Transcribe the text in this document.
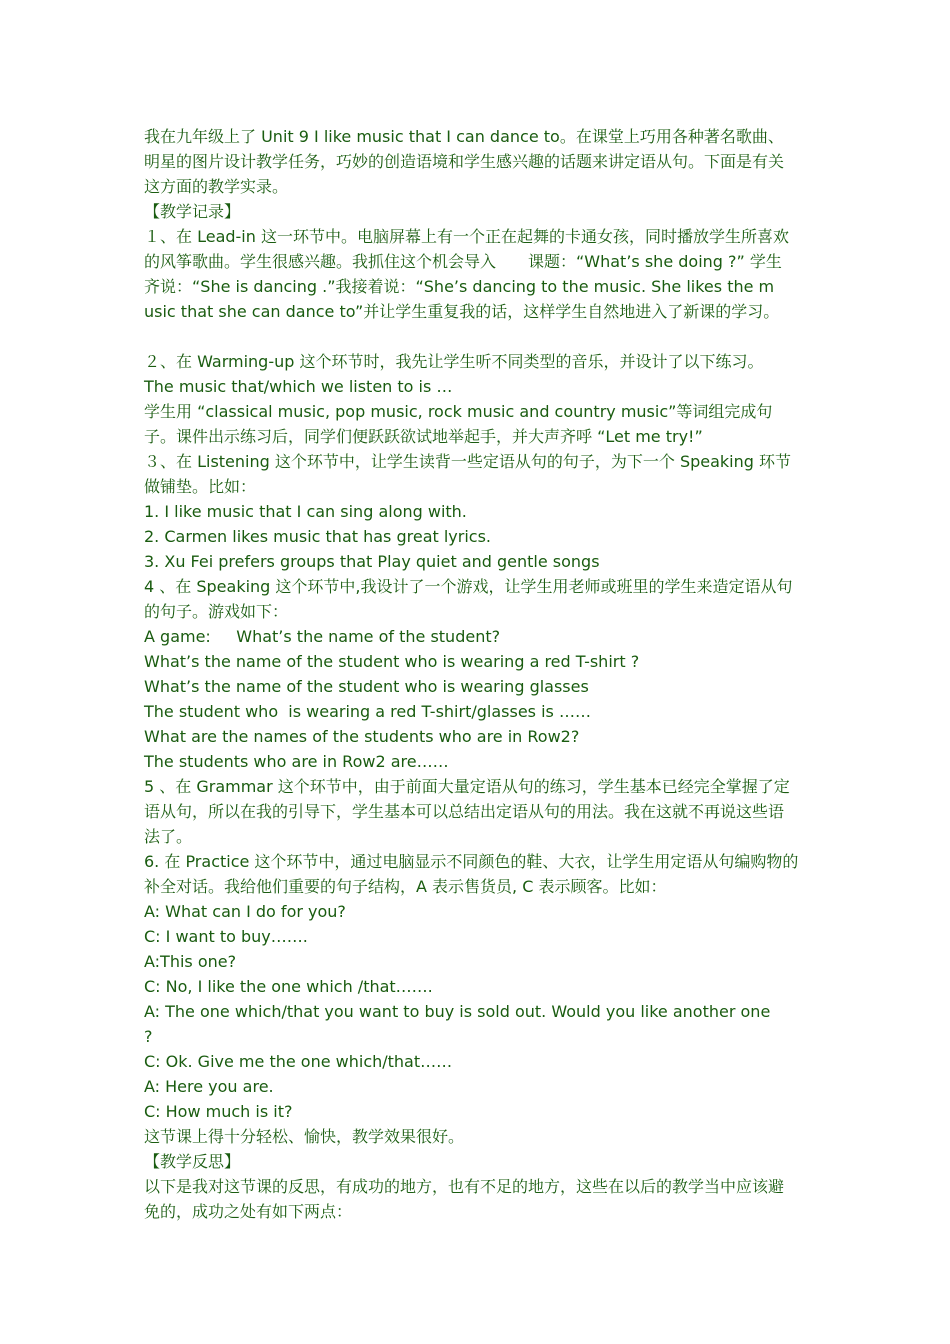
我在九年级上了 Unit 9 I like music that I can dance to。在课堂上巧用各种著名歌曲、
明星的图片设计教学任务，巧妙的创造语境和学生感兴趣的话题来讲定语从句。下面是有关
这方面的教学实录。
【教学记录】
１、在 Lead-in 这一环节中。电脑屏幕上有一个正在起舞的卡通女孩，同时播放学生所喜欢
的风筝歌曲。学生很感兴趣。我抓住这个机会导入　　课题：“What’s she doing ?” 学生
齐说：“She is dancing .”我接着说：“She’s dancing to the music. She likes the m
usic that she can dance to”并让学生重复我的话，这样学生自然地进入了新课的学习。
２、在 Warming-up 这个环节时，我先让学生听不同类型的音乐，并设计了以下练习。
The music that/which we listen to is …
学生用 “classical music, pop music, rock music and country music”等词组完成句
子。课件出示练习后，同学们便跃跃欲试地举起手，并大声齐呼 “Let me try!”
３、在 Listening 这个环节中，让学生读背一些定语从句的句子，为下一个 Speaking 环节
做铺垫。比如：
1. I like music that I can sing along with.
2. Carmen likes music that has great lyrics.
3. Xu Fei prefers groups that Play quiet and gentle songs
4 、在 Speaking 这个环节中,我设计了一个游戏，让学生用老师或班里的学生来造定语从句
的句子。游戏如下：
A game:     What’s the name of the student?
What’s the name of the student who is wearing a red T-shirt ?
What’s the name of the student who is wearing glasses
The student who  is wearing a red T-shirt/glasses is ……
What are the names of the students who are in Row2?
The students who are in Row2 are……
5 、在 Grammar 这个环节中，由于前面大量定语从句的练习，学生基本已经完全掌握了定
语从句，所以在我的引导下，学生基本可以总结出定语从句的用法。我在这就不再说这些语
法了。
6. 在 Practice 这个环节中，通过电脑显示不同颜色的鞋、大衣，让学生用定语从句编购物的
补全对话。我给他们重要的句子结构，A 表示售货员, C 表示顾客。比如：
A: What can I do for you?
C: I want to buy…….
A:This one?
C: No, I like the one which /that…….
A: The one which/that you want to buy is sold out. Would you like another one
?
C: Ok. Give me the one which/that……
A: Here you are.
C: How much is it?
这节课上得十分轻松、愉快，教学效果很好。
【教学反思】
以下是我对这节课的反思，有成功的地方，也有不足的地方，这些在以后的教学当中应该避
免的，成功之处有如下两点：
